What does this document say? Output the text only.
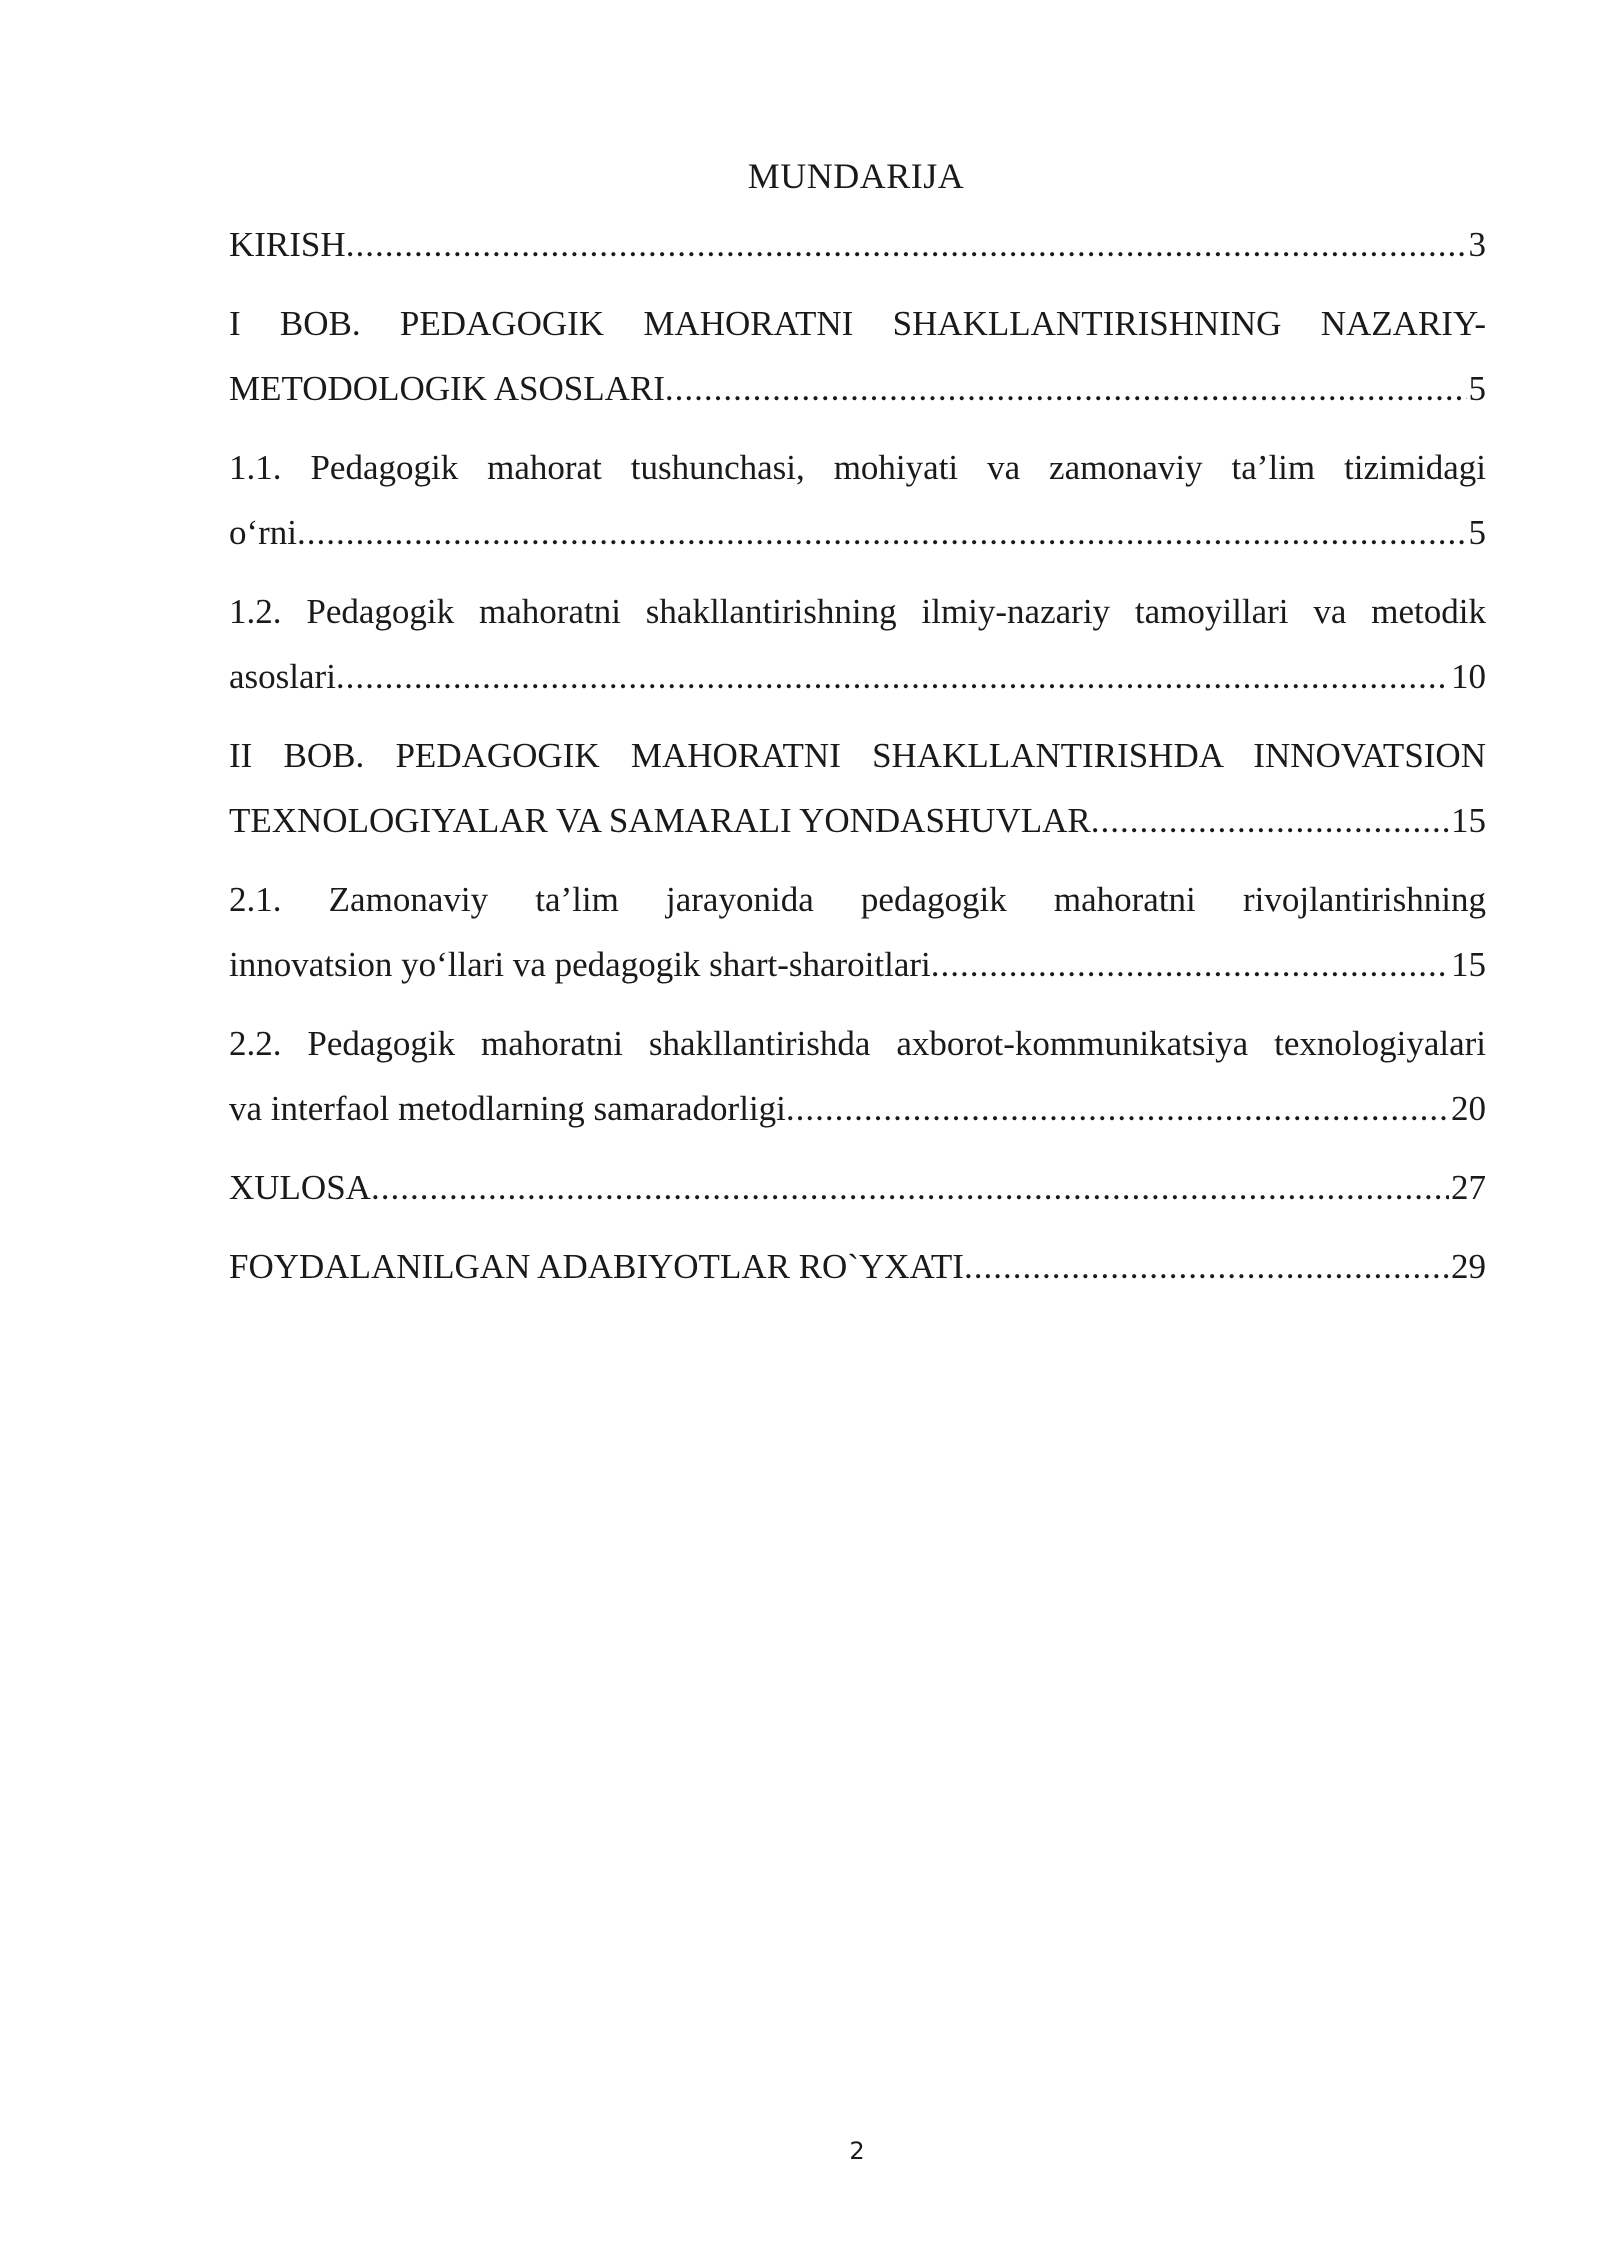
MUNDARIJA
KIRISH .....	3
I BOB. PEDAGOGIK MAHORATNI SHAKLLANTIRISHNING NAZARIY-
METODOLOGIK ASOSLARI .....	5
1.1. Pedagogik mahorat tushunchasi, mohiyati va zamonaviy ta’lim tizimidagi
o‘rni .....	5
1.2. Pedagogik mahoratni shakllantirishning ilmiy-nazariy tamoyillari va metodik
asoslari .....	10
II BOB. PEDAGOGIK MAHORATNI SHAKLLANTIRISHDA INNOVATSION
TEXNOLOGIYALAR VA SAMARALI YONDASHUVLAR .....	15
2.1. Zamonaviy ta’lim jarayonida pedagogik mahoratni rivojlantirishning
innovatsion yo‘llari va pedagogik shart-sharoitlari .....	15
2.2. Pedagogik mahoratni shakllantirishda axborot-kommunikatsiya texnologiyalari
va interfaol metodlarning samaradorligi .....	20
XULOSA .....	27
FOYDALANILGAN ADABIYOTLAR RO`YXATI .....	29
2
